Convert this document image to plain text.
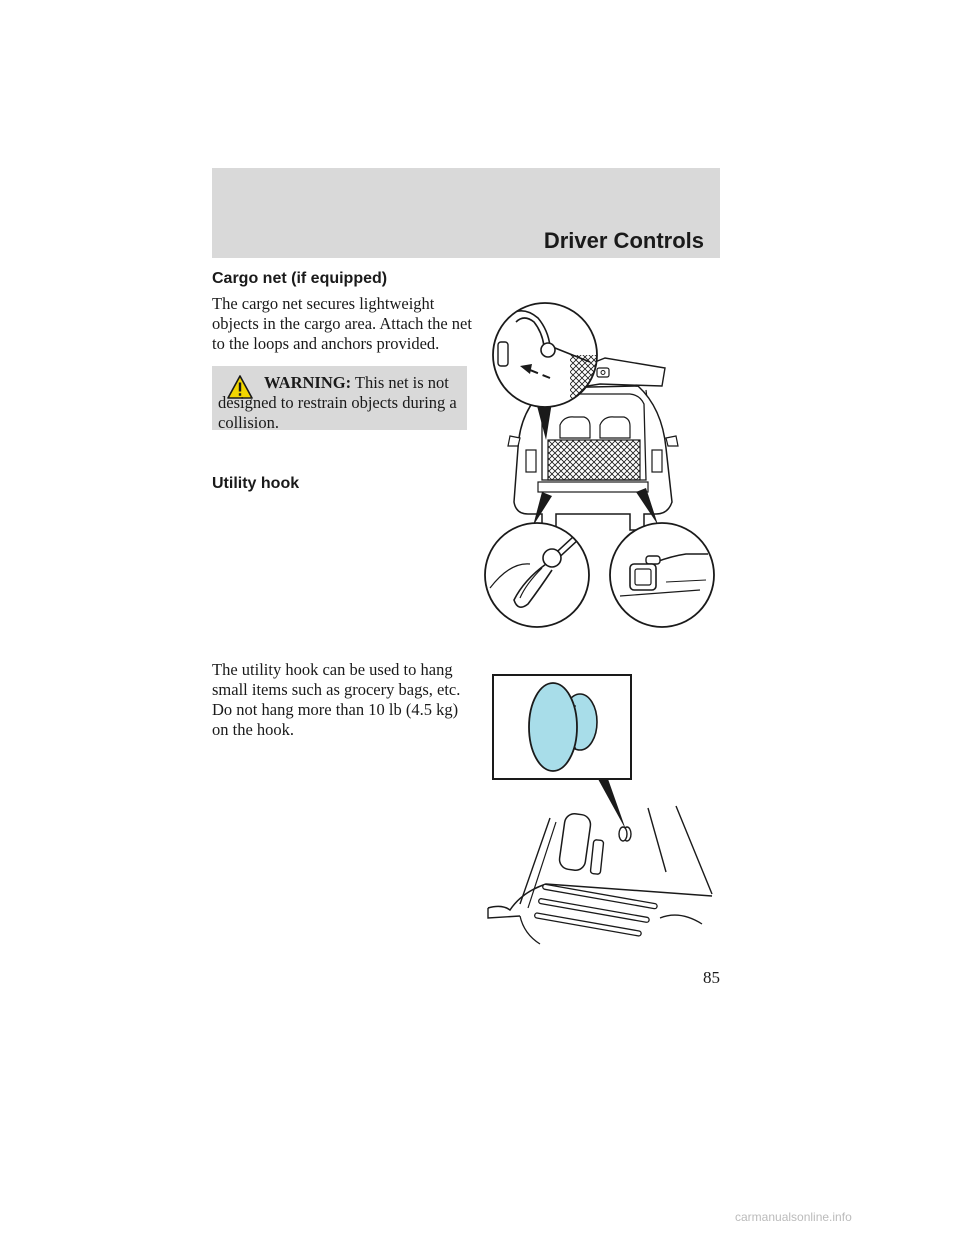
Driver Controls
Cargo net (if equipped)
The cargo net secures lightweight objects in the cargo area. Attach the net to the loops and anchors provided.
WARNING: This net is not designed to restrain objects during a collision.
Utility hook
The utility hook can be used to hang small items such as grocery bags, etc. Do not hang more than 10 lb (4.5 kg) on the hook.
85
carmanualsonline.info
